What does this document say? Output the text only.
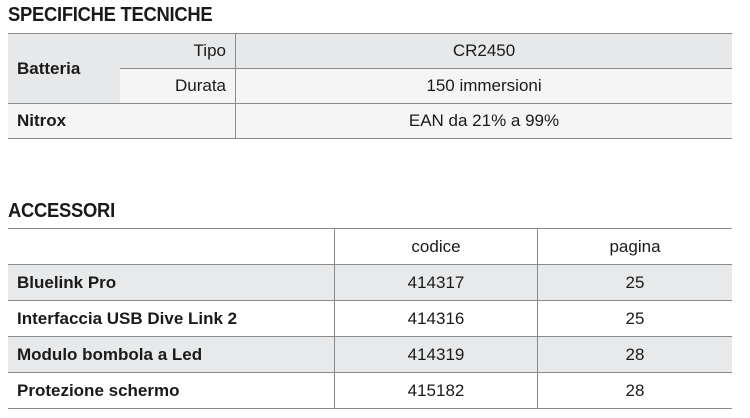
SPECIFICHE TECNICHE
Batteria	Tipo	CR2450
	Durata	150 immersioni
Nitrox		EAN da 21% a 99%
ACCESSORI
	codice	pagina
Bluelink Pro	414317	25
Interfaccia USB Dive Link 2	414316	25
Modulo bombola a Led	414319	28
Protezione schermo	415182	28
